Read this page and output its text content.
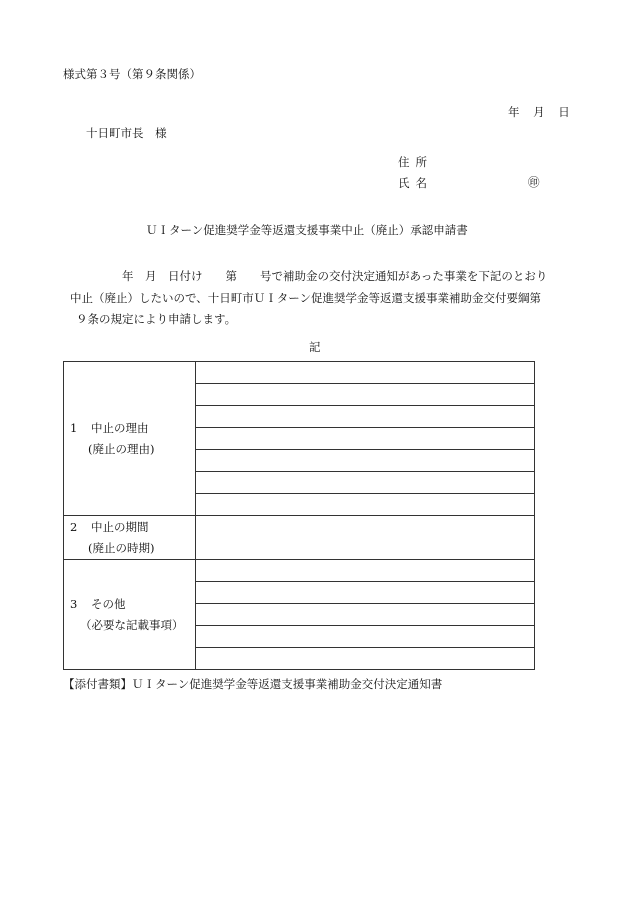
様式第３号（第９条関係）
年 月 日
十日町市長 様
住所
氏名	㊞
ＵＩターン促進奨学金等返還支援事業中止（廃止）承認申請書
年　月　日付け　　第　　号で補助金の交付決定通知があった事業を下記のとおり
中止（廃止）したいので、十日町市ＵＩターン促進奨学金等返還支援事業補助金交付要綱第
９条の規定により申請します。
記
1 中止の理由
(廃止の理由)	

2 中止の期間
(廃止の時期)	

3 その他
（必要な記載事項）	

【添付書類】ＵＩターン促進奨学金等返還支援事業補助金交付決定通知書
